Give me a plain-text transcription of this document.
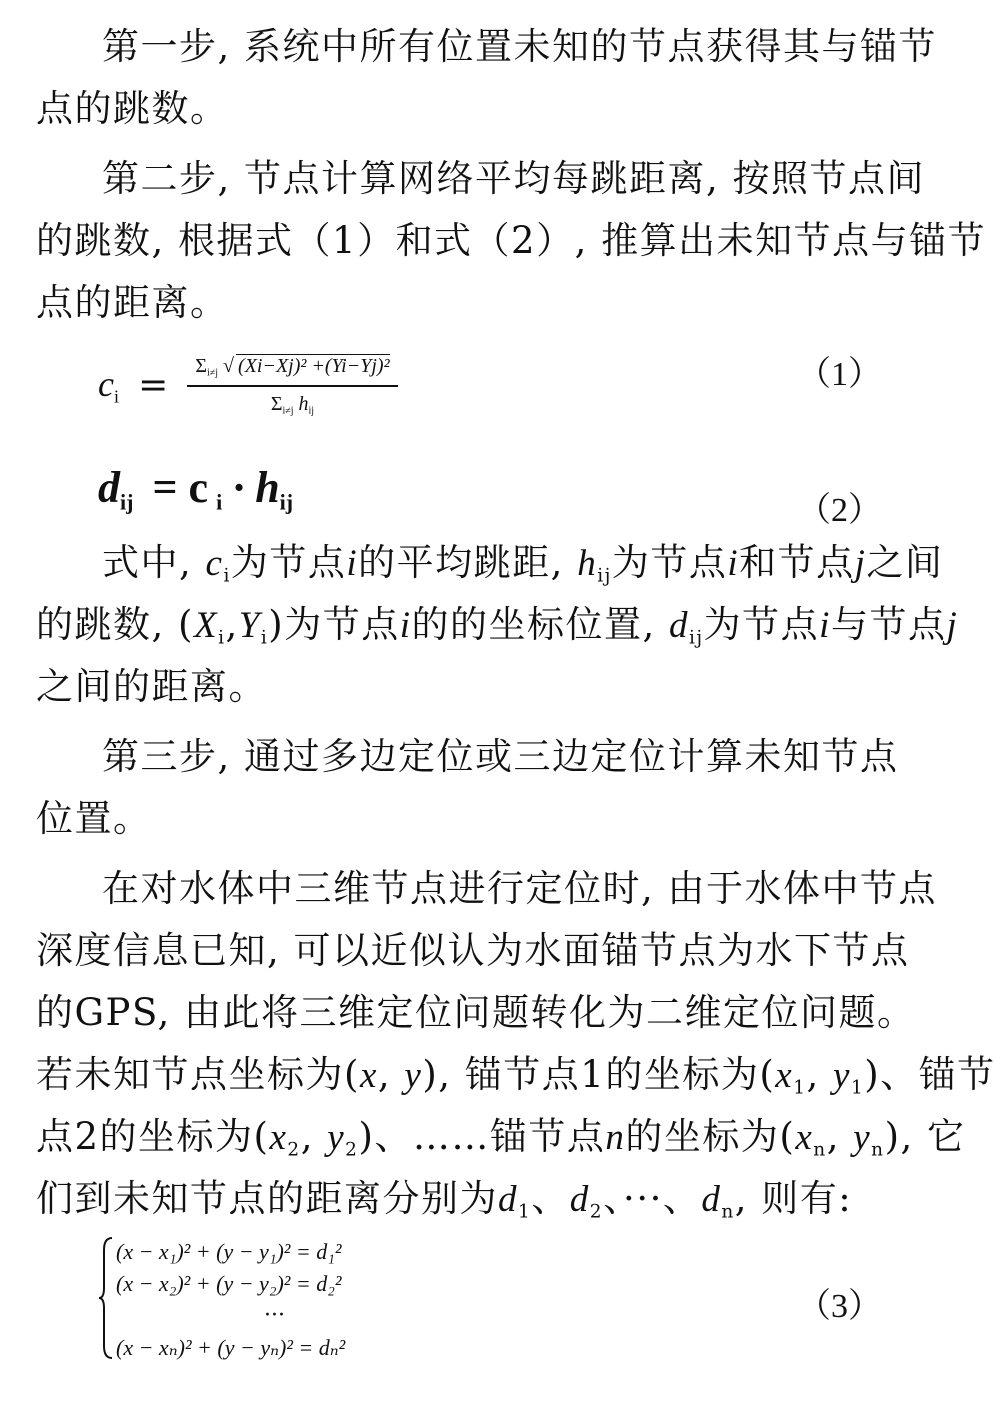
第一步, 系统中所有位置未知的节点获得其与锚节
点的跳数。
第二步, 节点计算网络平均每跳距离, 按照节点间
的跳数, 根据式（1）和式（2）, 推算出未知节点与锚节
点的距离。
$c_i = \frac{\Sigma_{i\ne j} √ (Xi-Xj)^2 +(Yi-Yj)^2}{\Sigma_{i\ne j} h_{ij}}$	（1）
$d_{ij} = c$ $_i \cdot h_{ij}$	（2）
式中, $c_i$为节点i的平均跳距, $h_{ij}$为节点i和节点j之间
的跳数, $(X_i,Y_i)$为节点i的的坐标位置, $d_{ij}$为节点i与节点j
之间的距离。
第三步, 通过多边定位或三边定位计算未知节点
位置。
在对水体中三维节点进行定位时, 由于水体中节点
深度信息已知, 可以近似认为水面锚节点为水下节点
的GPS, 由此将三维定位问题转化为二维定位问题。
若未知节点坐标为(x, y), 锚节点1的坐标为($x_1$, $y_1$)、锚节
点2的坐标为($x_2$, $y_2$)、……锚节点n的坐标为($x_n$, $y_n$), 它
们到未知节点的距离分别为$d_1$、$d_2$、···、$d_n$, 则有:
(x − x₁)² + (y − y₁)² = d₁²
(x − x₂)² + (y − y₂)² = d₂²
···
(x − xₙ)² + (y − yₙ)² = dₙ²
（3）
